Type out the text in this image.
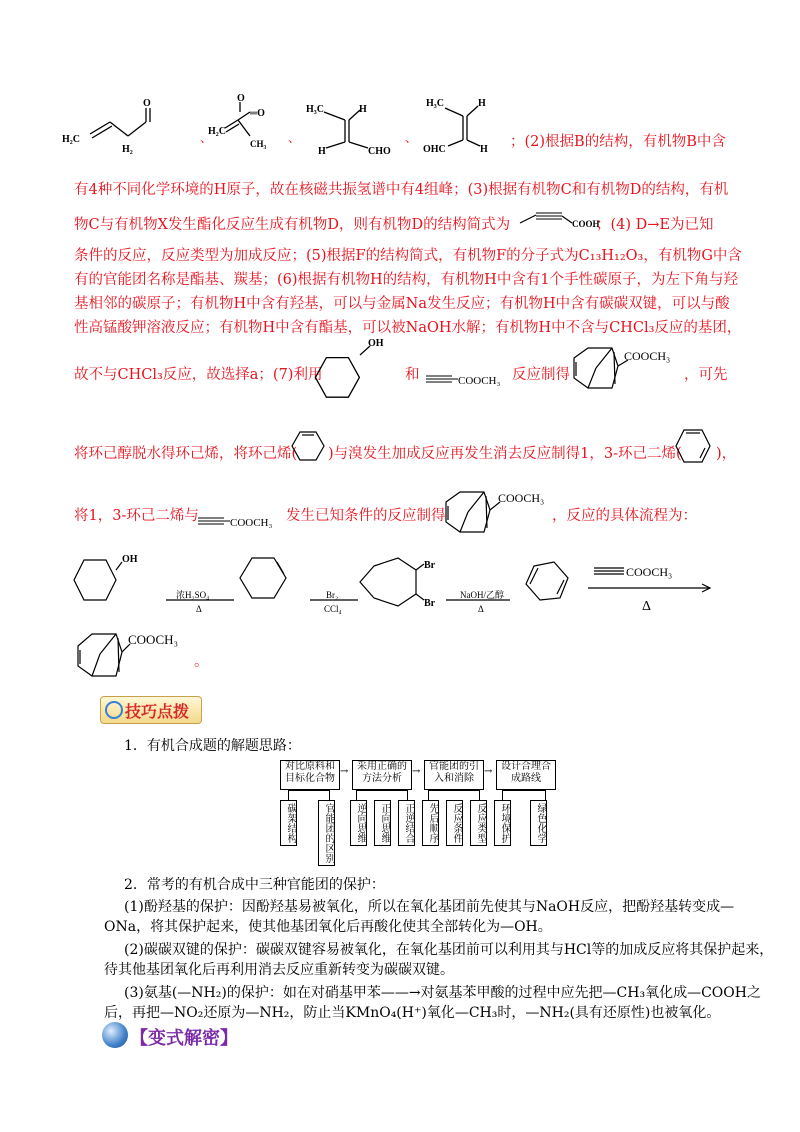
H₂C
H₂
O	O
H₂C
CH₃
═O
、	、	、
H₃C	H
H	CHO
H₃C	H
OHC	H ；(2)根据B的结构，有机物B中含
有4种不同化学环境的H原子，故在核磁共振氢谱中有4组峰；(3)根据有机物C和有机物D的结构，有机
物C与有机物X发生酯化反应生成有机物D，则有机物D的结构简式为	COOH
；(4) D→E为已知
条件的反应，反应类型为加成反应；(5)根据F的结构简式，有机物F的分子式为C₁₃H₁₂O₃，有机物G中含
有的官能团名称是酯基、羰基；(6)根据有机物H的结构，有机物H中含有1个手性碳原子，为左下角与羟
基相邻的碳原子；有机物H中含有羟基，可以与金属Na发生反应；有机物H中含有碳碳双键，可以与酸
性高锰酸钾溶液反应；有机物H中含有酯基，可以被NaOH水解；有机物H中不含与CHCl₃反应的基团，
故不与CHCl₃反应，故选择a；(7)利用
OH
和	COOCH₃ 反应制得
COOCH₃
，可先
将环己醇脱水得环己烯，将环己烯( )与溴发生加成反应再发生消去反应制得1，3-环己二烯( )，
将1，3-环己二烯与	COOCH₃ 发生已知条件的反应制得
COOCH₃
，反应的具体流程为：
OH
浓H₂SO₄
Δ
Br₂
CCl₄
Br
Br
NaOH/乙醇
Δ
COOCH₃
Δ
COOCH₃
。
技巧点拨
1．有机合成题的解题思路：
对比原料和目标化合物
采用正确的方法分析
官能团的引入和消除
设计合理合成路线
→	→	→
碳架结构	官能团的区别	逆向思维	正向思维	正逆结合	先后顺序	反应条件	反应类型	环境保护	绿色化学
2．常考的有机合成中三种官能团的保护：
(1)酚羟基的保护：因酚羟基易被氧化，所以在氧化基团前先使其与NaOH反应，把酚羟基转变成—
ONa，将其保护起来，使其他基团氧化后再酸化使其全部转化为—OH。
(2)碳碳双键的保护：碳碳双键容易被氧化，在氧化基团前可以利用其与HCl等的加成反应将其保护起来，
待其他基团氧化后再利用消去反应重新转变为碳碳双键。
(3)氨基(—NH₂)的保护：如在对硝基甲苯——→对氨基苯甲酸的过程中应先把—CH₃氧化成—COOH之
后，再把—NO₂还原为—NH₂，防止当KMnO₄(H⁺)氧化—CH₃时，—NH₂(具有还原性)也被氧化。
【变式解密】
